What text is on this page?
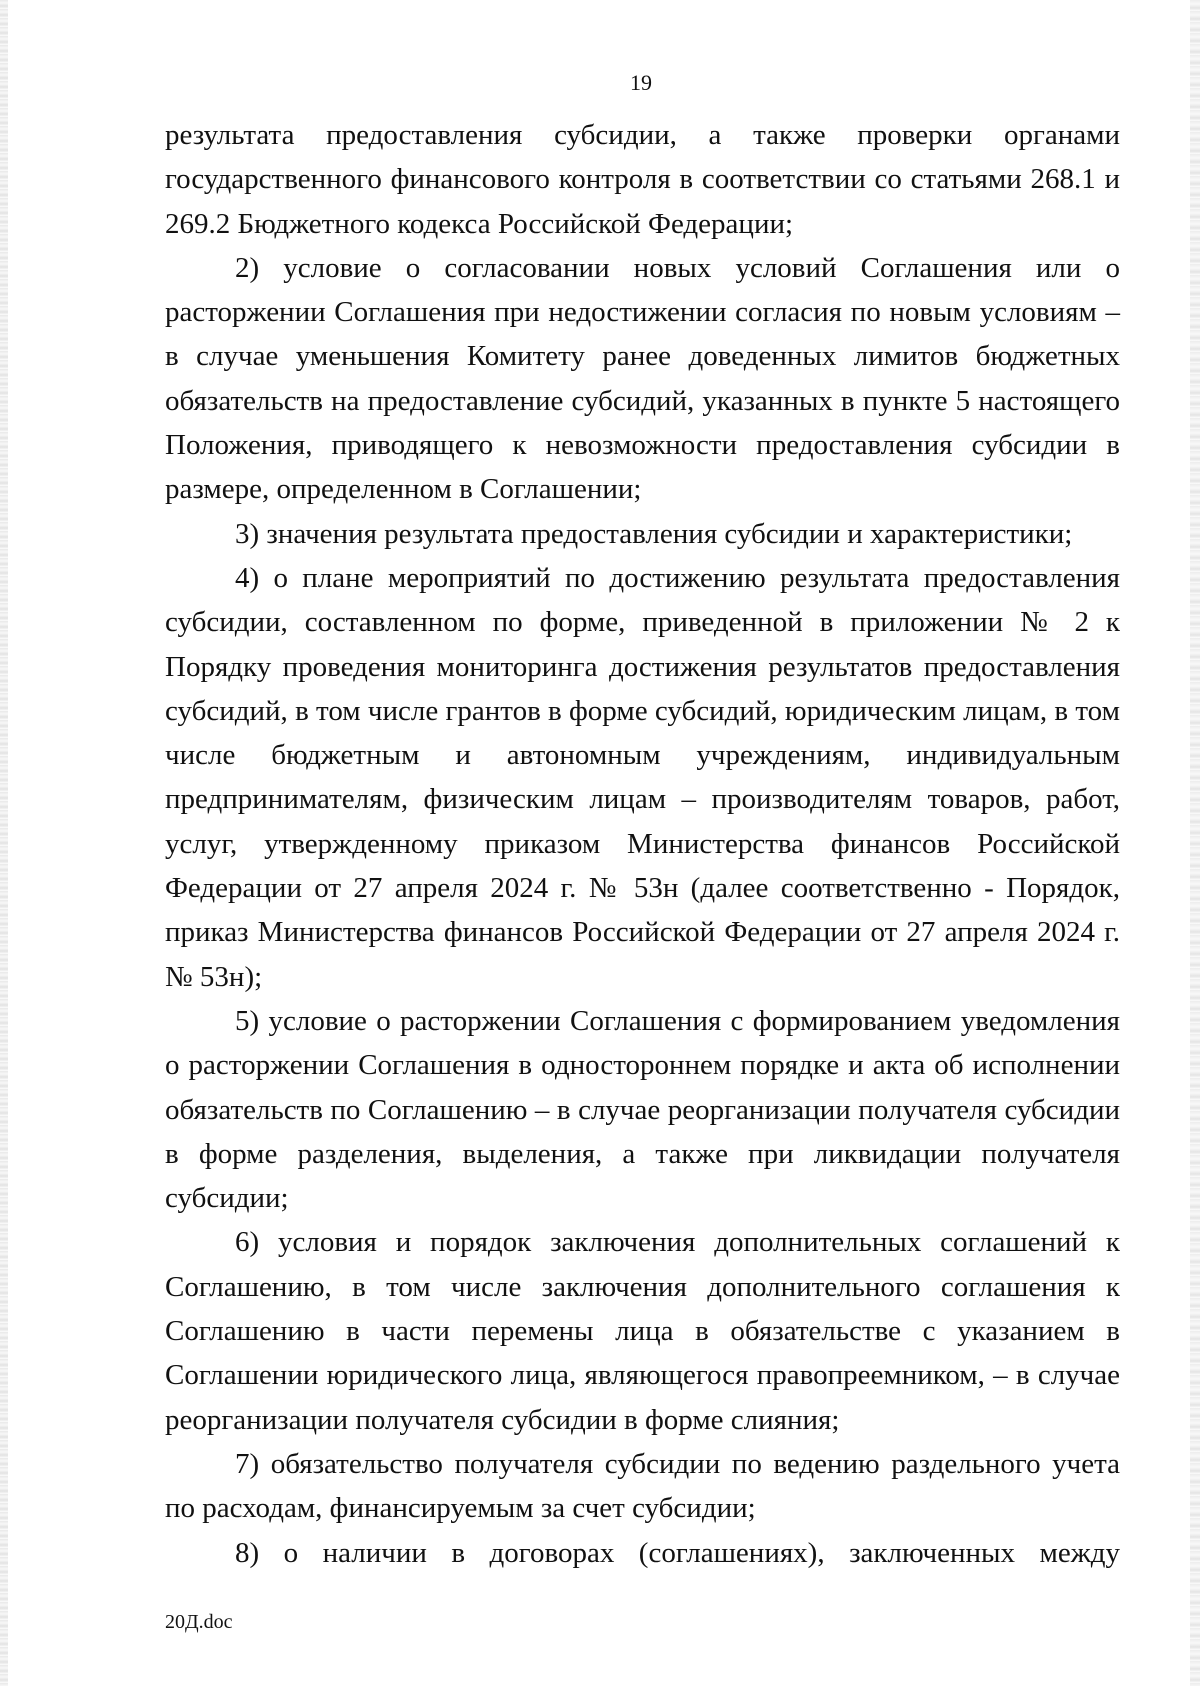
19

результата предоставления субсидии, а также проверки органами государственного финансового контроля в соответствии со статьями 268.1 и 269.2 Бюджетного кодекса Российской Федерации;

2) условие о согласовании новых условий Соглашения или о расторжении Соглашения при недостижении согласия по новым условиям – в случае уменьшения Комитету ранее доведенных лимитов бюджетных обязательств на предоставление субсидий, указанных в пункте 5 настоящего Положения, приводящего к невозможности предоставления субсидии в размере, определенном в Соглашении;

3) значения результата предоставления субсидии и характеристики;

4) о плане мероприятий по достижению результата предоставления субсидии, составленном по форме, приведенной в приложении № 2 к Порядку проведения мониторинга достижения результатов предоставления субсидий, в том числе грантов в форме субсидий, юридическим лицам, в том числе бюджетным и автономным учреждениям, индивидуальным предпринимателям, физическим лицам – производителям товаров, работ, услуг, утвержденному приказом Министерства финансов Российской Федерации от 27 апреля 2024 г. № 53н (далее соответственно - Порядок, приказ Министерства финансов Российской Федерации от 27 апреля 2024 г. № 53н);

5) условие о расторжении Соглашения с формированием уведомления о расторжении Соглашения в одностороннем порядке и акта об исполнении обязательств по Соглашению – в случае реорганизации получателя субсидии в форме разделения, выделения, а также при ликвидации получателя субсидии;

6) условия и порядок заключения дополнительных соглашений к Соглашению, в том числе заключения дополнительного соглашения к Соглашению в части перемены лица в обязательстве с указанием в Соглашении юридического лица, являющегося правопреемником, – в случае реорганизации получателя субсидии в форме слияния;

7) обязательство получателя субсидии по ведению раздельного учета по расходам, финансируемым за счет субсидии;

8) о наличии в договорах (соглашениях), заключенных между

20Д.doc
